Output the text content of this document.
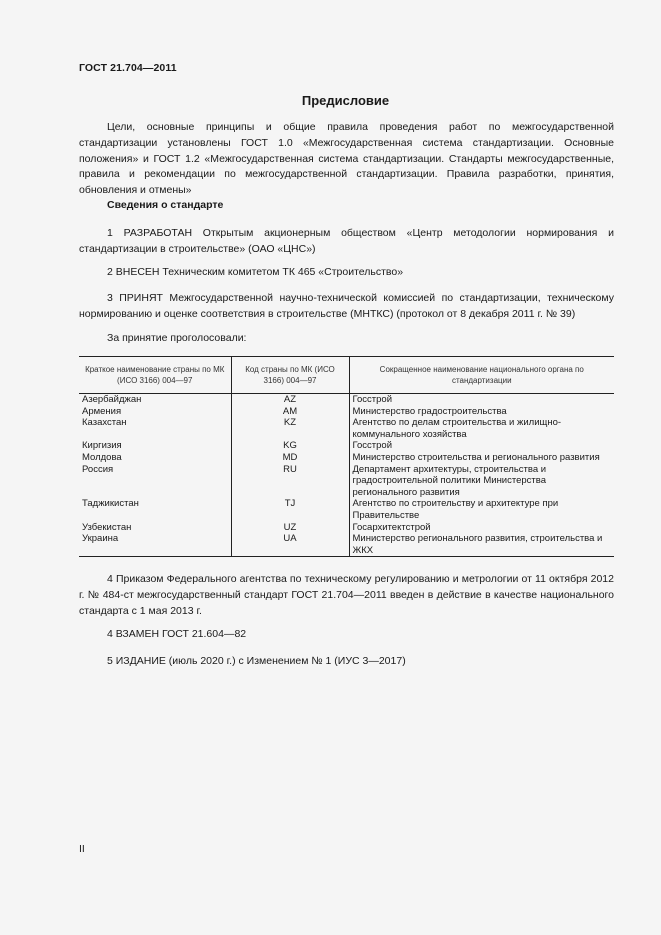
ГОСТ 21.704—2011
Предисловие
Цели, основные принципы и общие правила проведения работ по межгосударственной стандартизации установлены ГОСТ 1.0 «Межгосударственная система стандартизации. Основные положения» и ГОСТ 1.2 «Межгосударственная система стандартизации. Стандарты межгосударственные, правила и рекомендации по межгосударственной стандартизации. Правила разработки, принятия, обновления и отмены»
Сведения о стандарте
1 РАЗРАБОТАН Открытым акционерным обществом «Центр методологии нормирования и стандартизации в строительстве» (ОАО «ЦНС»)
2 ВНЕСЕН Техническим комитетом ТК 465 «Строительство»
3 ПРИНЯТ Межгосударственной научно-технической комиссией по стандартизации, техническому нормированию и оценке соответствия в строительстве (МНТКС) (протокол от 8 декабря 2011 г. № 39)
За принятие проголосовали:
Краткое наименование страны по МК (ИСО 3166) 004—97	Код страны по МК (ИСО 3166) 004—97	Сокращенное наименование национального органа по стандартизации
Азербайджан	AZ	Госстрой
Армения	AM	Министерство градостроительства
Казахстан	KZ	Агентство по делам строительства и жилищно-коммунального хозяйства
Киргизия	KG	Госстрой
Молдова	MD	Министерство строительства и регионального развития
Россия	RU	Департамент архитектуры, строительства и градостроительной политики Министерства регионального развития
Таджикистан	TJ	Агентство по строительству и архитектуре при Правительстве
Узбекистан	UZ	Госархитектстрой
Украина	UA	Министерство регионального развития, строительства и ЖКХ
4 Приказом Федерального агентства по техническому регулированию и метрологии от 11 октября 2012 г. № 484-ст межгосударственный стандарт ГОСТ 21.704—2011 введен в действие в качестве национального стандарта с 1 мая 2013 г.
4 ВЗАМЕН ГОСТ 21.604—82
5 ИЗДАНИЕ (июль 2020 г.) с Изменением № 1 (ИУС 3—2017)
II
